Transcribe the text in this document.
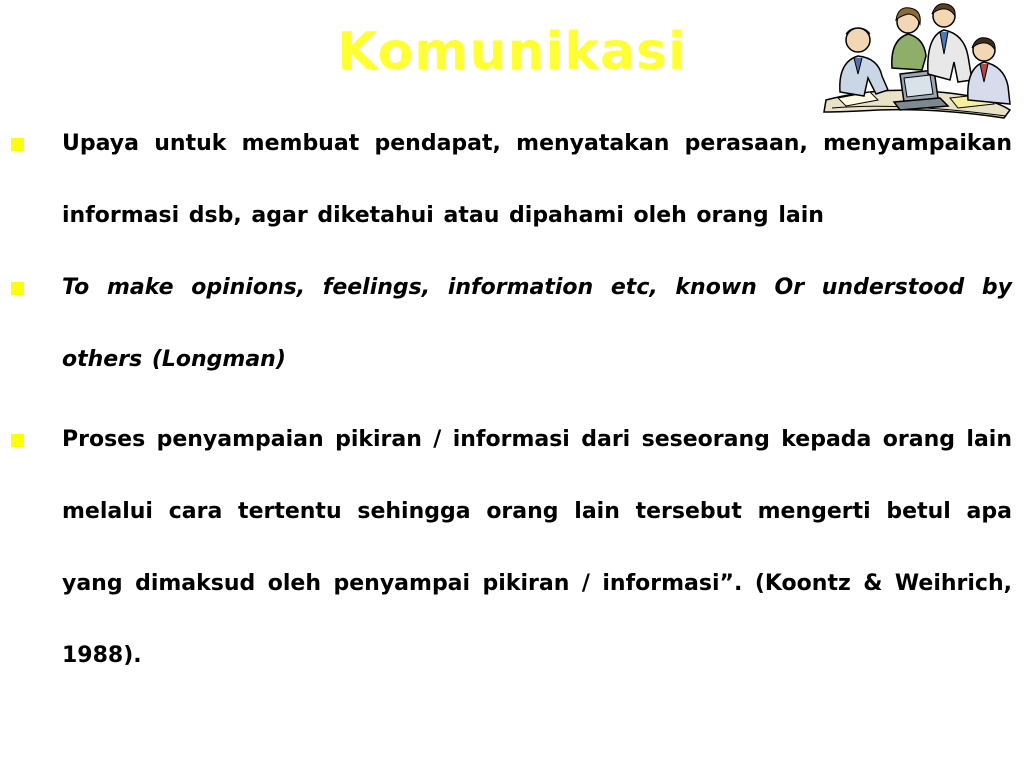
Komunikasi
Upaya untuk membuat pendapat, menyatakan perasaan, menyampaikan informasi dsb, agar diketahui atau dipahami oleh orang lain
To make opinions, feelings, information etc, known Or understood by others (Longman)
Proses penyampaian pikiran / informasi dari seseorang kepada orang lain melalui cara tertentu sehingga orang lain tersebut mengerti betul apa yang dimaksud oleh penyampai pikiran / informasi”. (Koontz & Weihrich, 1988).
